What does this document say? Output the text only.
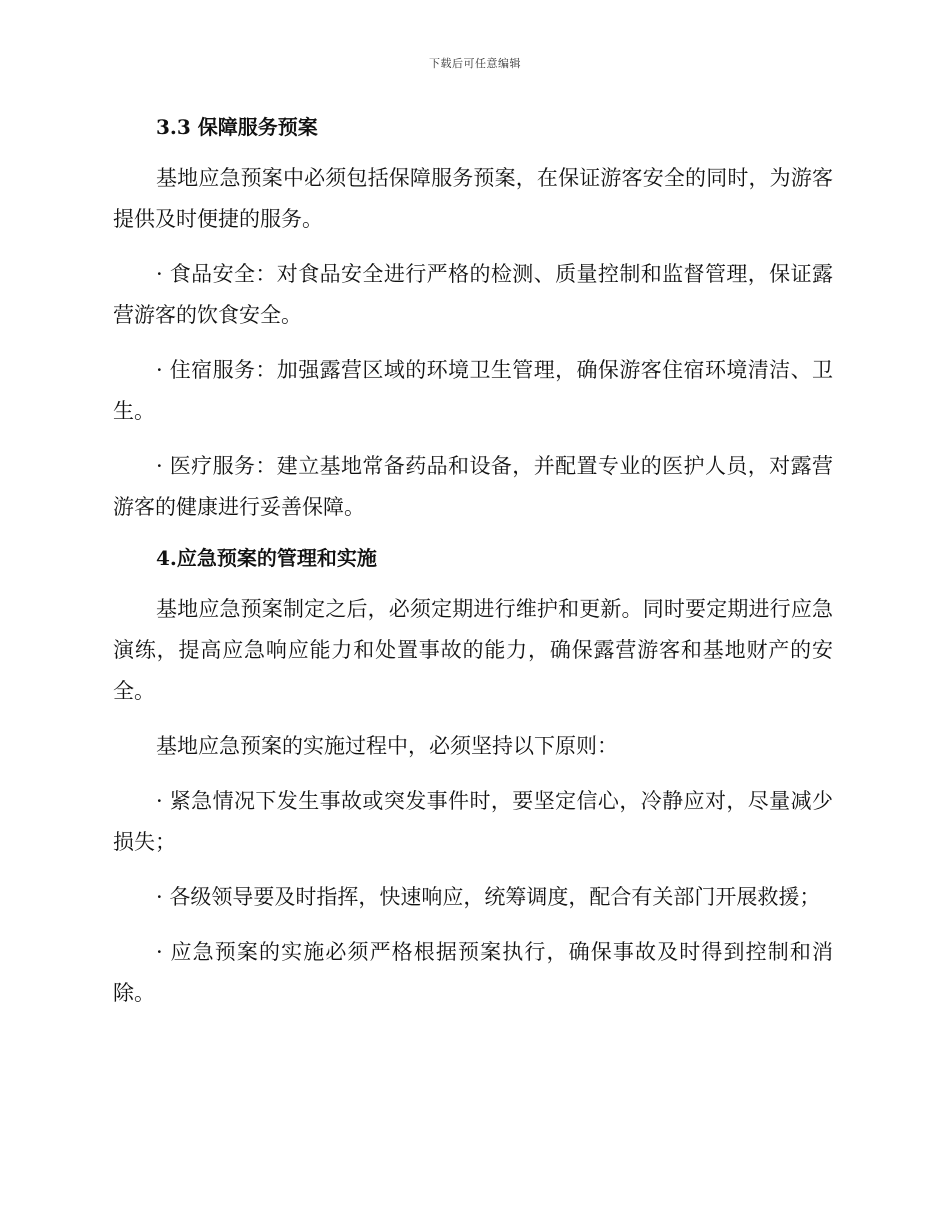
下载后可任意编辑
3.3 保障服务预案

基地应急预案中必须包括保障服务预案，在保证游客安全的同时，为游客提供及时便捷的服务。

· 食品安全：对食品安全进行严格的检测、质量控制和监督管理，保证露营游客的饮食安全。

· 住宿服务：加强露营区域的环境卫生管理，确保游客住宿环境清洁、卫生。

· 医疗服务：建立基地常备药品和设备，并配置专业的医护人员，对露营游客的健康进行妥善保障。

4.应急预案的管理和实施

基地应急预案制定之后，必须定期进行维护和更新。同时要定期进行应急演练，提高应急响应能力和处置事故的能力，确保露营游客和基地财产的安全。

基地应急预案的实施过程中，必须坚持以下原则：

· 紧急情况下发生事故或突发事件时，要坚定信心，冷静应对，尽量减少损失；

· 各级领导要及时指挥，快速响应，统筹调度，配合有关部门开展救援；

· 应急预案的实施必须严格根据预案执行，确保事故及时得到控制和消除。
